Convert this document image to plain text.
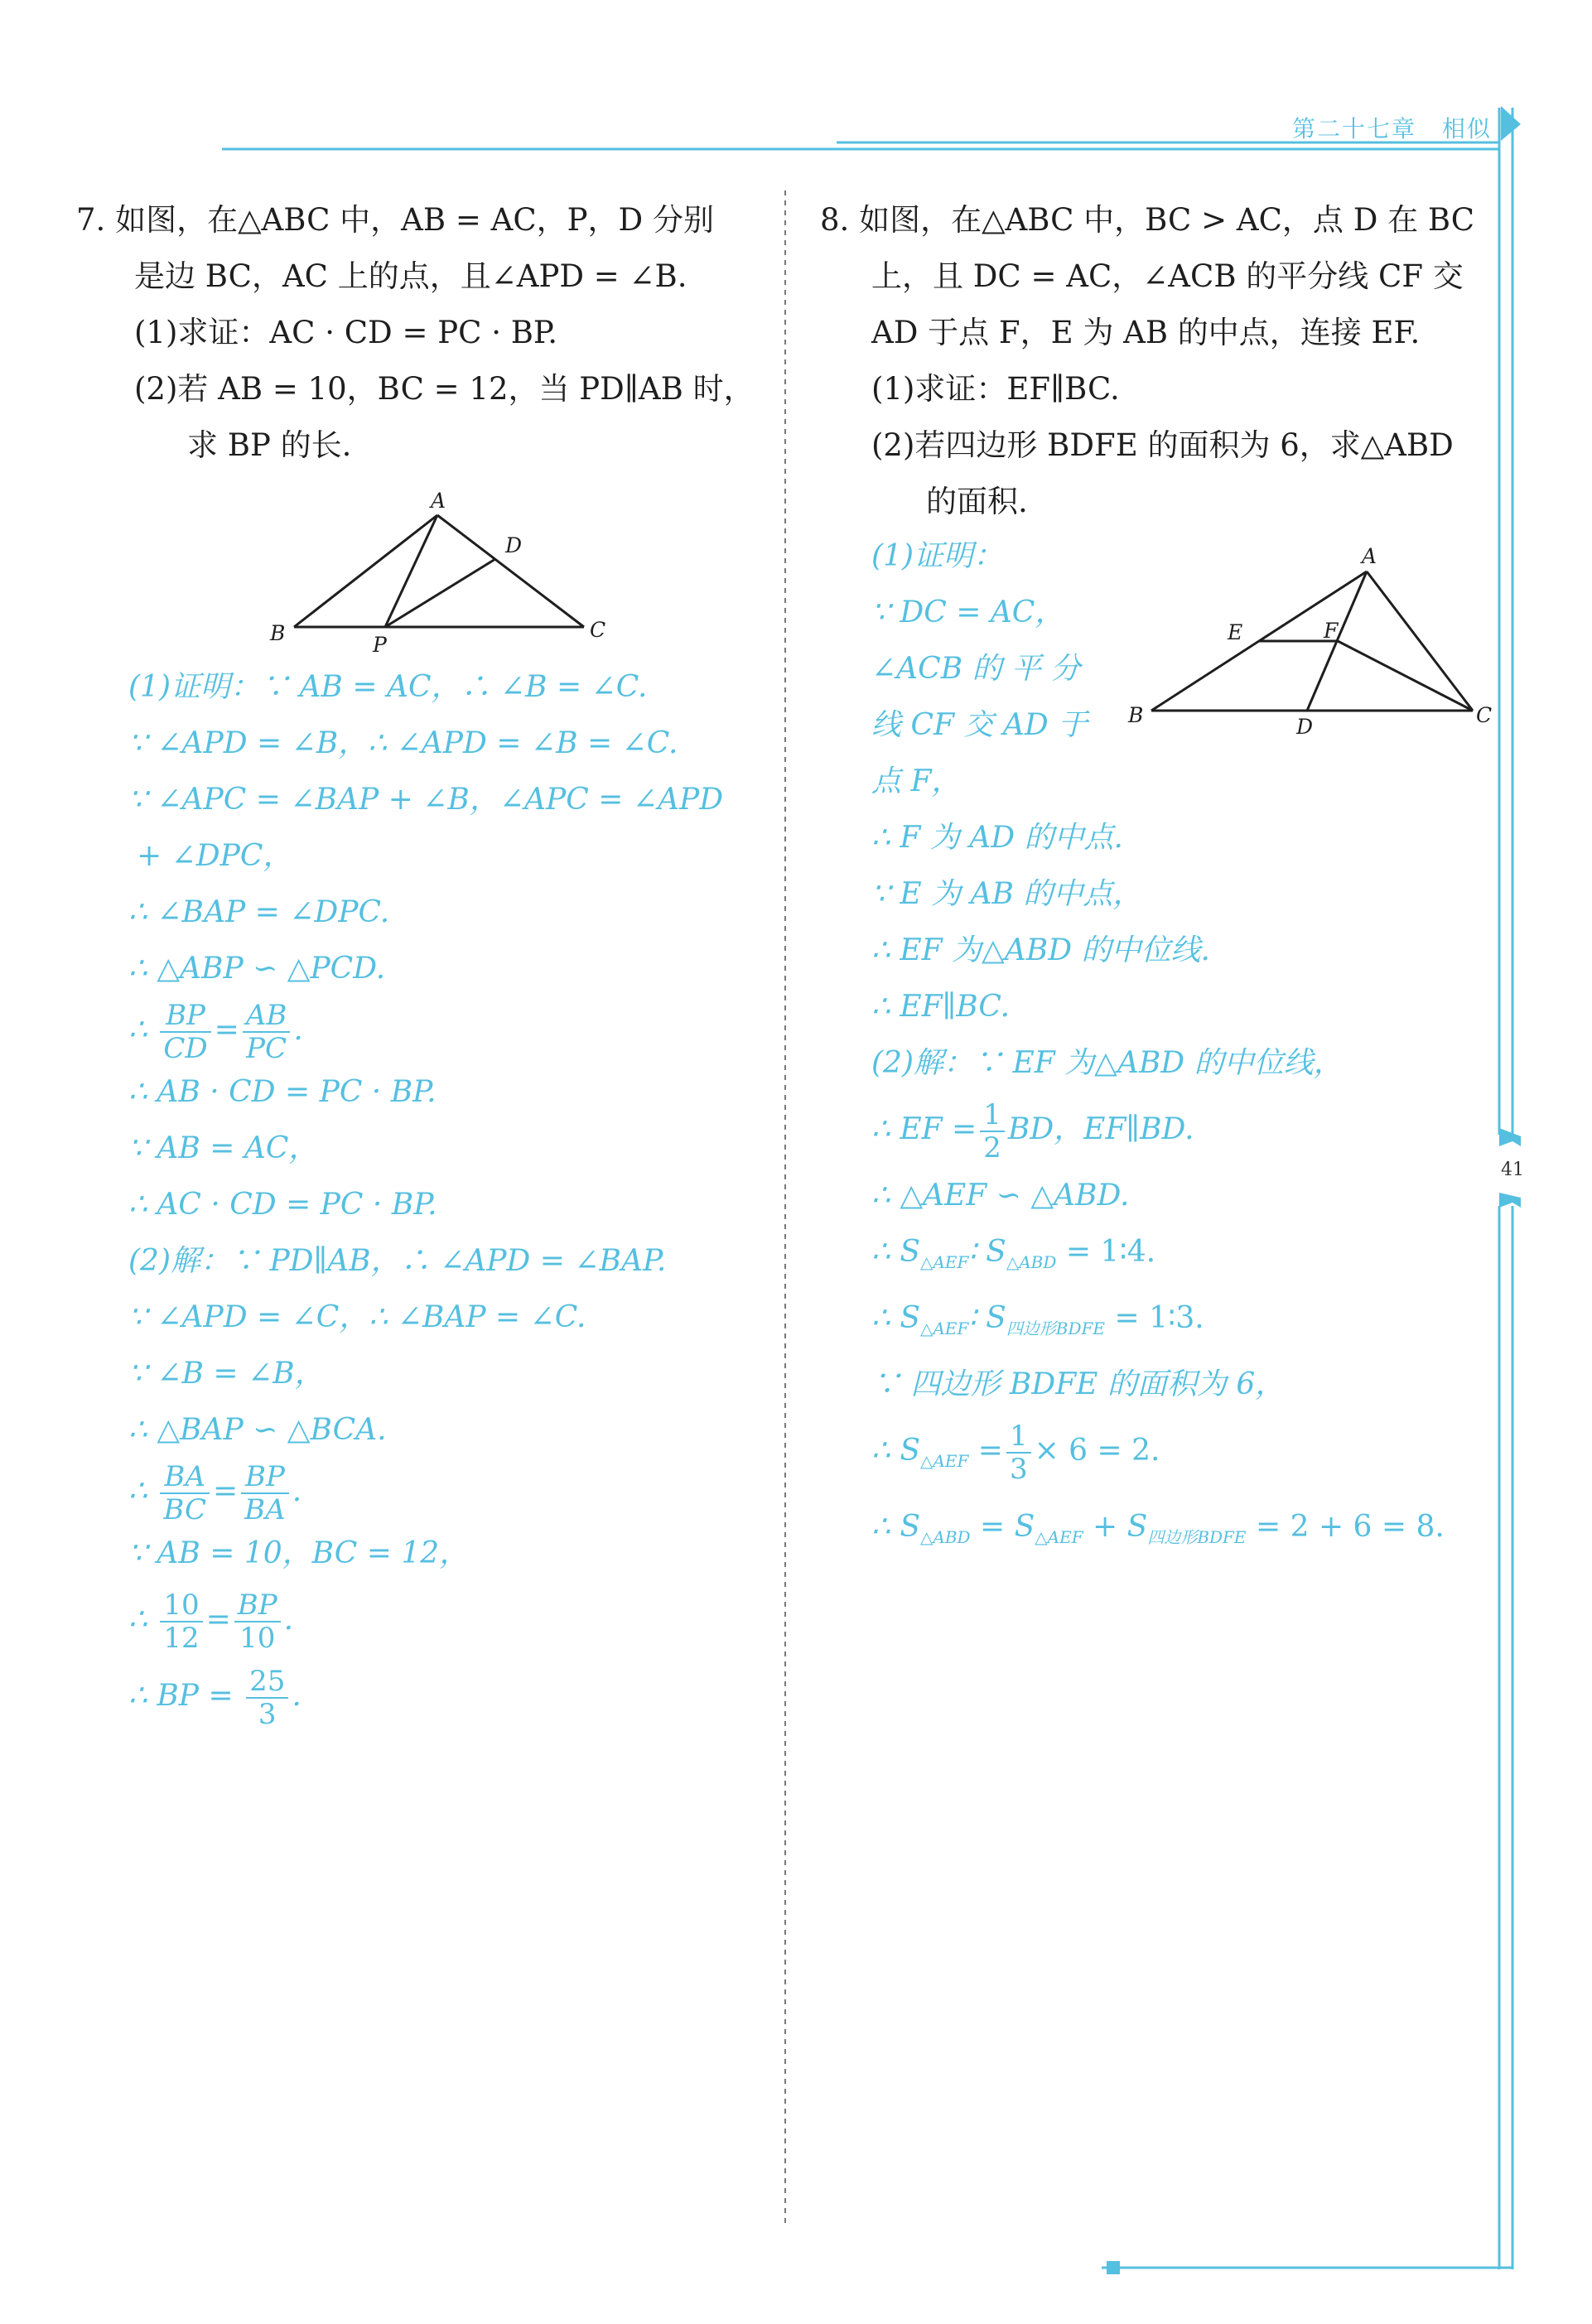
第二十七章 相似
41
7. 如图，在△ABC 中，AB = AC，P，D 分别
是边 BC，AC 上的点，且∠APD = ∠B.
(1)求证：AC · CD = PC · BP.
(2)若 AB = 10，BC = 12，当 PD∥AB 时，
求 BP 的长.
A
D
B	P
C
(1)证明：∵ AB = AC，∴ ∠B = ∠C.
∵ ∠APD = ∠B，∴ ∠APD = ∠B = ∠C.
∵ ∠APC = ∠BAP + ∠B，∠APC = ∠APD
+ ∠DPC，
∴ ∠BAP = ∠DPC.
∴ △ABP ∽ △PCD.
∴ $\frac{BP}{CD} = \frac{AB}{PC}$ .
∴ AB · CD = PC · BP.
∵ AB = AC，
∴ AC · CD = PC · BP.
(2)解：∵ PD∥AB，∴ ∠APD = ∠BAP.
∵ ∠APD = ∠C，∴ ∠BAP = ∠C.
∵ ∠B = ∠B，
∴ △BAP ∽ △BCA.
∴ $\frac{BA}{BC} = \frac{BP}{BA}$ .
∵ AB = 10，BC = 12，
∴ $\frac{10}{12} = \frac{BP}{10}$ .
∴ BP = $\frac{25}{3}$ .
8. 如图，在△ABC 中，BC > AC，点 D 在 BC
上，且 DC = AC，∠ACB 的平分线 CF 交
AD 于点 F，E 为 AB 的中点，连接 EF.
(1)求证：EF∥BC.
(2)若四边形 BDFE 的面积为 6，求△ABD
的面积.
A
E	F
B	D	C
(1)证明：
∵ DC = AC，
∠ACB 的 平 分
线 CF 交 AD 于
点 F，
∴ F 为 AD 的中点.
∵ E 为 AB 的中点，
∴ EF 为△ABD 的中位线.
∴ EF∥BC.
(2)解：∵ EF 为△ABD 的中位线，
∴ EF = $\frac{1}{2}$ BD，EF∥BD.
∴ △AEF ∽ △ABD.
∴ $S_{\triangle AEF}∶$ $S_{\triangle ABD}$ = 1∶4.
∴ $S_{\triangle AEF}∶$ $S_{四边形BDFE}$ = 1∶3.
∵ 四边形 BDFE 的面积为 6，
∴ $S_{\triangle AEF} = \frac{1}{3} \times 6 = 2$.
∴ $S_{\triangle ABD} = S_{\triangle AEF} + S_{四边形BDFE} = 2 + 6 = 8$.
